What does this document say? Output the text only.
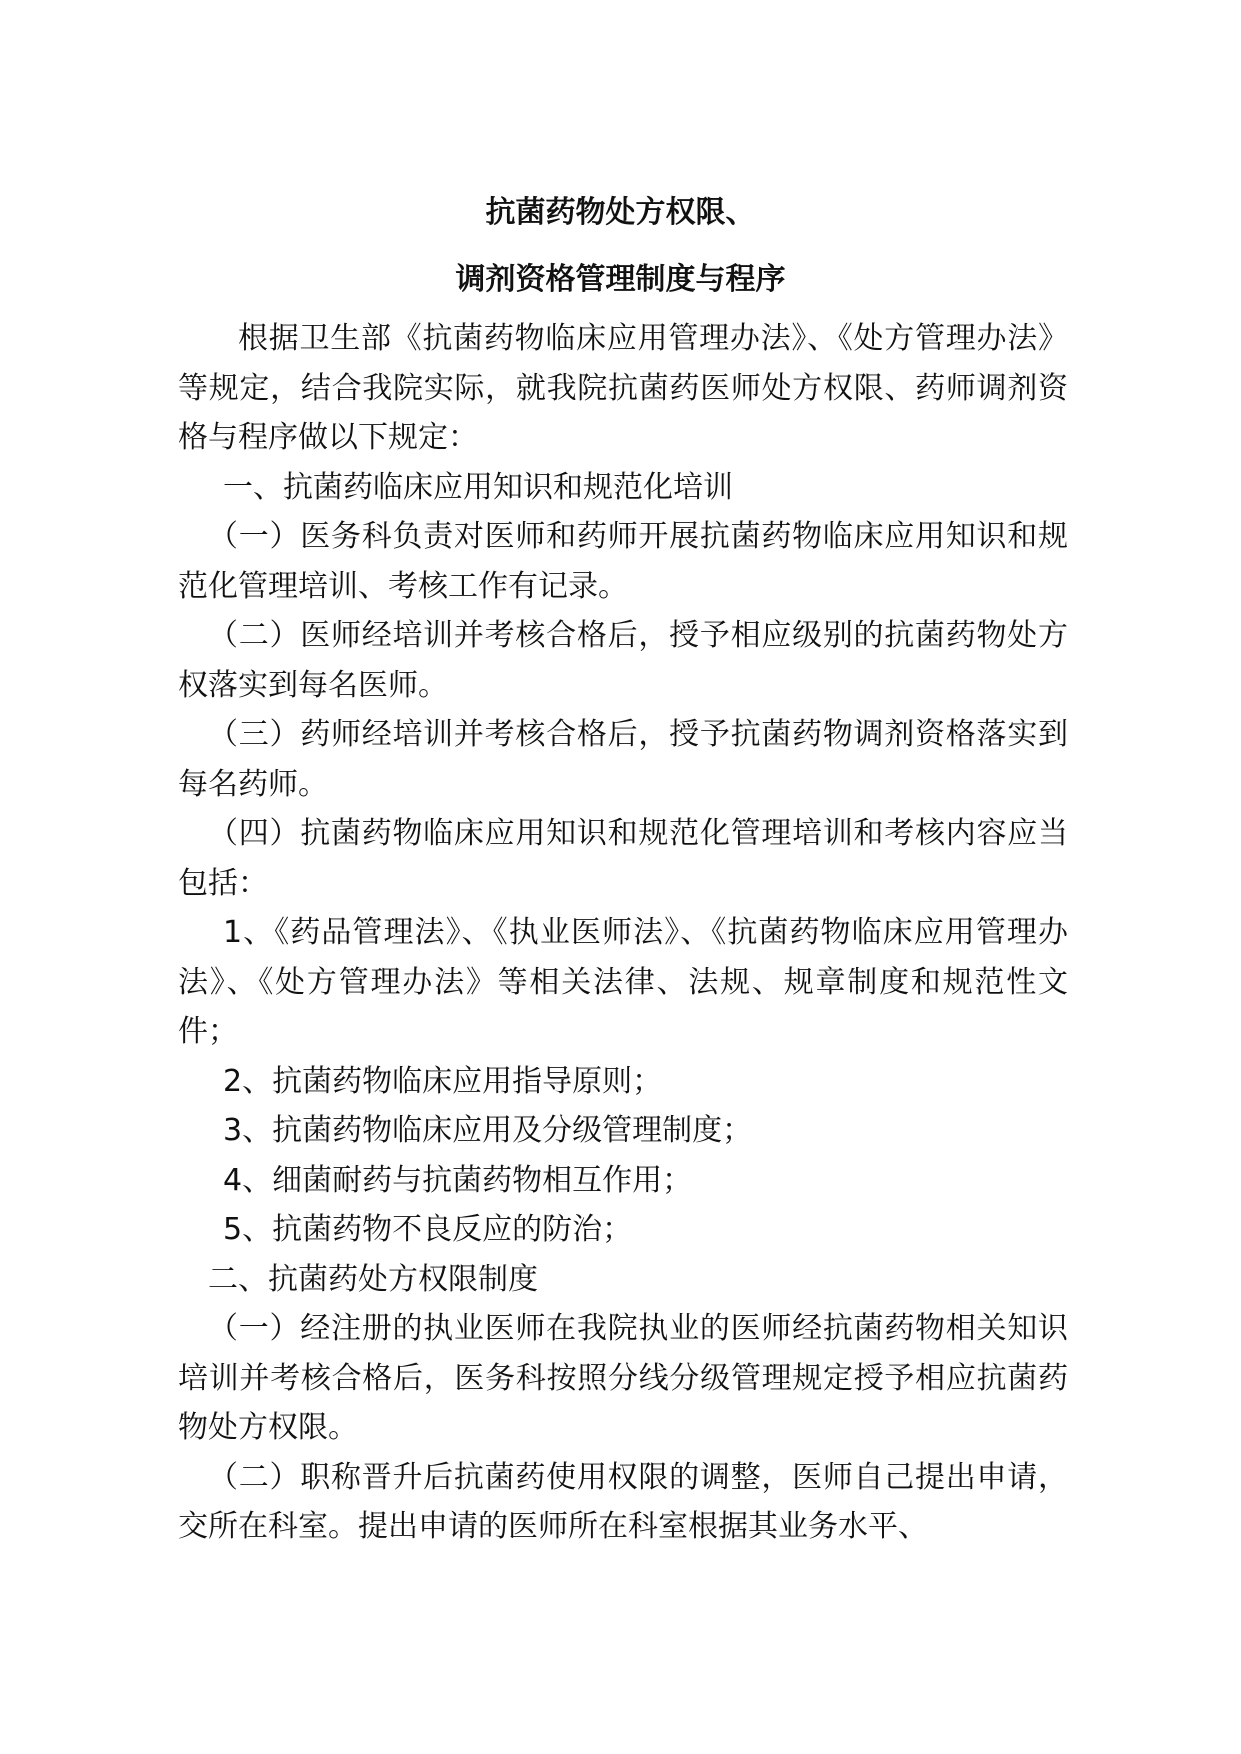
抗菌药物处方权限、
调剂资格管理制度与程序

根据卫生部《抗菌药物临床应用管理办法》、《处方管理办法》等规定，结合我院实际，就我院抗菌药医师处方权限、药师调剂资格与程序做以下规定：

一、抗菌药临床应用知识和规范化培训

（一）医务科负责对医师和药师开展抗菌药物临床应用知识和规范化管理培训、考核工作有记录。

（二）医师经培训并考核合格后，授予相应级别的抗菌药物处方权落实到每名医师。

（三）药师经培训并考核合格后，授予抗菌药物调剂资格落实到每名药师。

（四）抗菌药物临床应用知识和规范化管理培训和考核内容应当包括：

1、《药品管理法》、《执业医师法》、《抗菌药物临床应用管理办法》、《处方管理办法》等相关法律、法规、规章制度和规范性文件；

2、抗菌药物临床应用指导原则；

3、抗菌药物临床应用及分级管理制度；

4、细菌耐药与抗菌药物相互作用；

5、抗菌药物不良反应的防治；

二、抗菌药处方权限制度

（一）经注册的执业医师在我院执业的医师经抗菌药物相关知识培训并考核合格后，医务科按照分线分级管理规定授予相应抗菌药物处方权限。

（二）职称晋升后抗菌药使用权限的调整，医师自己提出申请，交所在科室。提出申请的医师所在科室根据其业务水平、
